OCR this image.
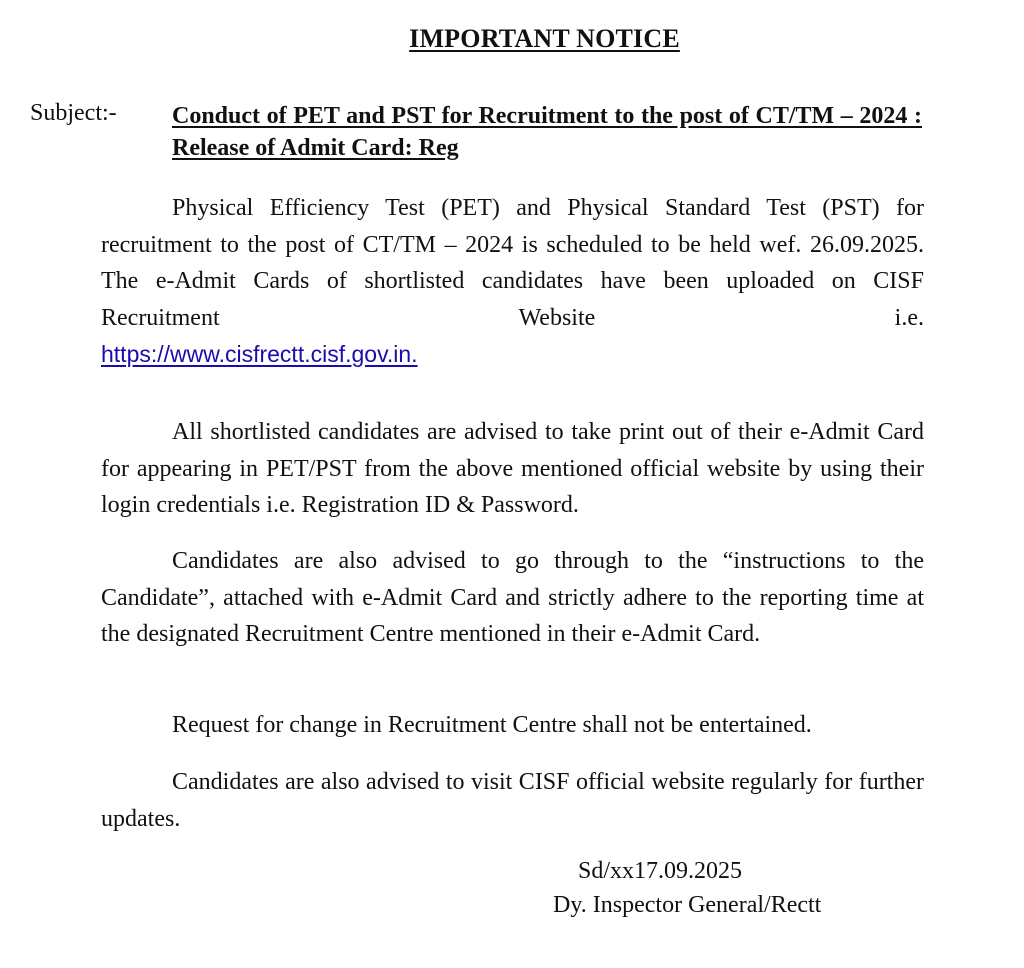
IMPORTANT NOTICE
Subject:- Conduct of PET and PST for Recruitment to the post of CT/TM – 2024 : Release of Admit Card: Reg

Physical Efficiency Test (PET) and Physical Standard Test (PST) for recruitment to the post of CT/TM – 2024 is scheduled to be held wef. 26.09.2025. The e-Admit Cards of shortlisted candidates have been uploaded on CISF Recruitment Website i.e.

https://www.cisfrectt.cisf.gov.in.

All shortlisted candidates are advised to take print out of their e-Admit Card for appearing in PET/PST from the above mentioned official website by using their login credentials i.e. Registration ID & Password.

Candidates are also advised to go through to the “instructions to the Candidate”, attached with e-Admit Card and strictly adhere to the reporting time at the designated Recruitment Centre mentioned in their e-Admit Card.

Request for change in Recruitment Centre shall not be entertained.

Candidates are also advised to visit CISF official website regularly for further updates.

Sd/xx17.09.2025
Dy. Inspector General/Rectt
